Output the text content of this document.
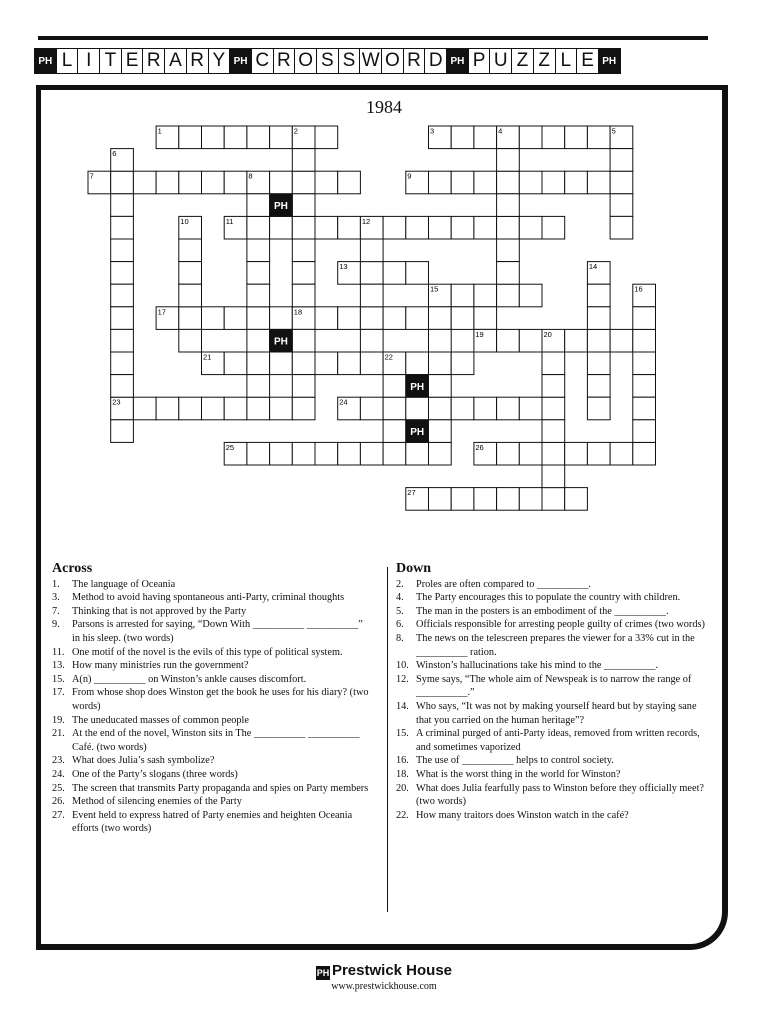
PH L I T E R A R Y PH C R O S S W O R D PH P U Z Z L E PH
1984
1	3
7	9
11	12
13
15
17	18
19
21	22
23	24
25	26
27
2	4	5
6
8
10
14
16
20
PH
PH
PH
PH
Across
1.	The language of Oceania
3.	Method to avoid having spontaneous anti-Party, criminal thoughts
7.	Thinking that is not approved by the Party
9.	Parsons is arrested for saying, “Down With __________ __________” in his sleep. (two words)
11. One motif of the novel is the evils of this type of political system.
13. How many ministries run the government?
15. A(n) __________ on Winston’s ankle causes discomfort.
17. From whose shop does Winston get the book he uses for his diary? (two words)
19. The uneducated masses of common people
21. At the end of the novel, Winston sits in The __________ __________ Café. (two words)
23. What does Julia’s sash symbolize?
24. One of the Party’s slogans (three words)
25. The screen that transmits Party propaganda and spies on Party members
26. Method of silencing enemies of the Party
27. Event held to express hatred of Party enemies and heighten Oceania efforts (two words)
Down
2.	Proles are often compared to __________.
4.	The Party encourages this to populate the country with children.
5.	The man in the posters is an embodiment of the __________.
6.	Officials responsible for arresting people guilty of crimes (two words)
8.	The news on the telescreen prepares the viewer for a 33% cut in the __________ ration.
10. Winston’s hallucinations take his mind to the __________.
12. Syme says, “The whole aim of Newspeak is to narrow the range of __________.”
14. Who says, “It was not by making yourself heard but by staying sane that you carried on the human heritage”?
15. A criminal purged of anti-Party ideas, removed from written records, and sometimes vaporized
16. The use of __________ helps to control society.
18. What is the worst thing in the world for Winston?
20. What does Julia fearfully pass to Winston before they officially meet? (two words)
22. How many traitors does Winston watch in the café?
PH Prestwick House
www.prestwickhouse.com
